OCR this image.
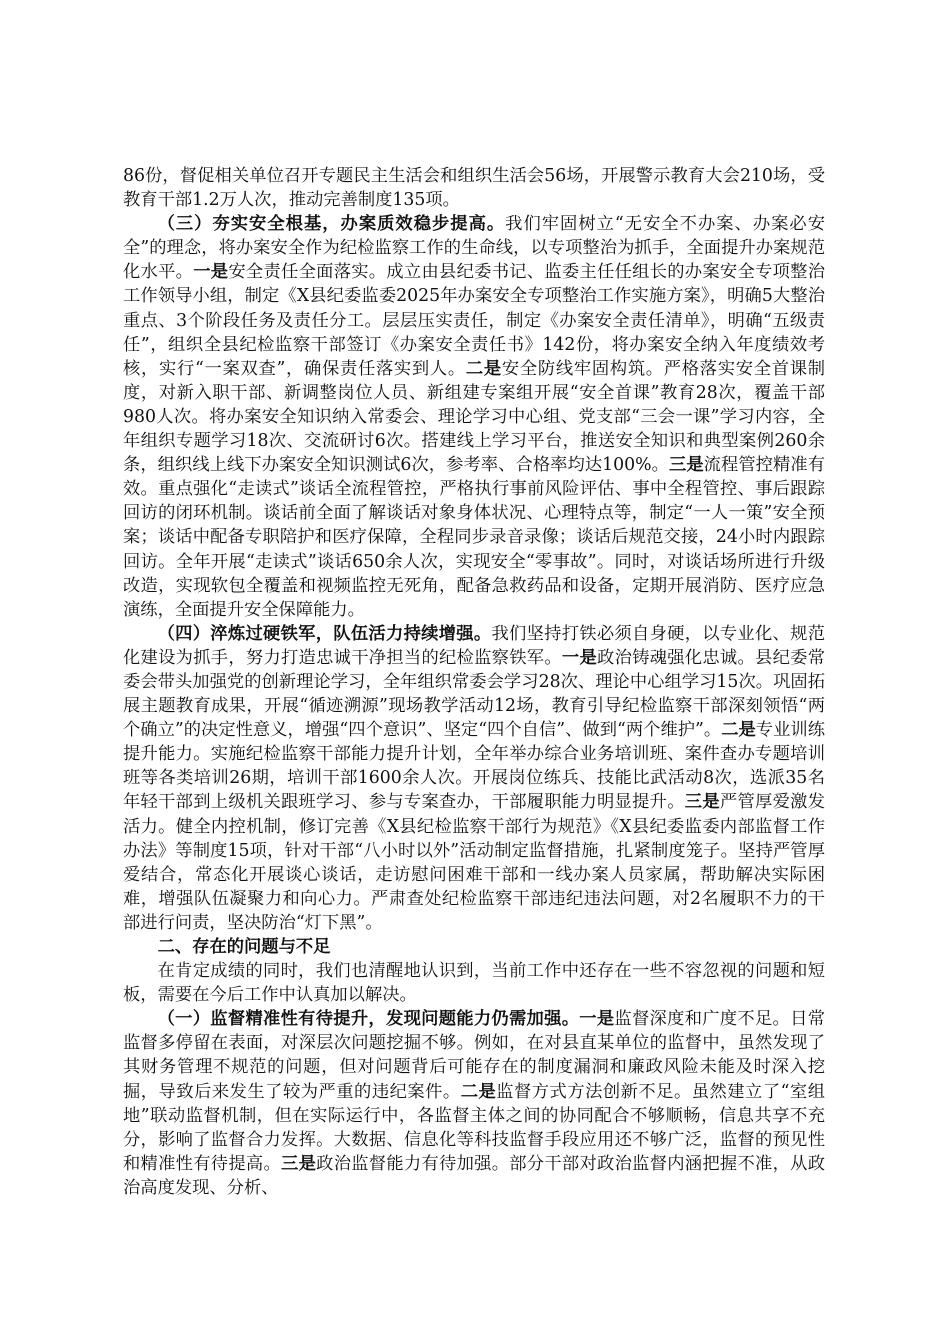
86份，督促相关单位召开专题民主生活会和组织生活会56场，开展警示教育大会210场，受教育干部1.2万人次，推动完善制度135项。

（三）夯实安全根基，办案质效稳步提高。我们牢固树立“无安全不办案、办案必安全”的理念，将办案安全作为纪检监察工作的生命线，以专项整治为抓手，全面提升办案规范化水平。一是安全责任全面落实。成立由县纪委书记、监委主任任组长的办案安全专项整治工作领导小组，制定《X县纪委监委2025年办案安全专项整治工作实施方案》，明确5大整治重点、3个阶段任务及责任分工。层层压实责任，制定《办案安全责任清单》，明确“五级责任”，组织全县纪检监察干部签订《办案安全责任书》142份，将办案安全纳入年度绩效考核，实行“一案双查”，确保责任落实到人。二是安全防线牢固构筑。严格落实安全首课制度，对新入职干部、新调整岗位人员、新组建专案组开展“安全首课”教育28次，覆盖干部980人次。将办案安全知识纳入常委会、理论学习中心组、党支部“三会一课”学习内容，全年组织专题学习18次、交流研讨6次。搭建线上学习平台，推送安全知识和典型案例260余条，组织线上线下办案安全知识测试6次，参考率、合格率均达100%。三是流程管控精准有效。重点强化“走读式”谈话全流程管控，严格执行事前风险评估、事中全程管控、事后跟踪回访的闭环机制。谈话前全面了解谈话对象身体状况、心理特点等，制定“一人一策”安全预案；谈话中配备专职陪护和医疗保障，全程同步录音录像；谈话后规范交接，24小时内跟踪回访。全年开展“走读式”谈话650余人次，实现安全“零事故”。同时，对谈话场所进行升级改造，实现软包全覆盖和视频监控无死角，配备急救药品和设备，定期开展消防、医疗应急演练，全面提升安全保障能力。

（四）淬炼过硬铁军，队伍活力持续增强。我们坚持打铁必须自身硬，以专业化、规范化建设为抓手，努力打造忠诚干净担当的纪检监察铁军。一是政治铸魂强化忠诚。县纪委常委会带头加强党的创新理论学习，全年组织常委会学习28次、理论中心组学习15次。巩固拓展主题教育成果，开展“循迹溯源”现场教学活动12场，教育引导纪检监察干部深刻领悟“两个确立”的决定性意义，增强“四个意识”、坚定“四个自信”、做到“两个维护”。二是专业训练提升能力。实施纪检监察干部能力提升计划，全年举办综合业务培训班、案件查办专题培训班等各类培训26期，培训干部1600余人次。开展岗位练兵、技能比武活动8次，选派35名年轻干部到上级机关跟班学习、参与专案查办，干部履职能力明显提升。三是严管厚爱激发活力。健全内控机制，修订完善《X县纪检监察干部行为规范》《X县纪委监委内部监督工作办法》等制度15项，针对干部“八小时以外”活动制定监督措施，扎紧制度笼子。坚持严管厚爱结合，常态化开展谈心谈话，走访慰问困难干部和一线办案人员家属，帮助解决实际困难，增强队伍凝聚力和向心力。严肃查处纪检监察干部违纪违法问题，对2名履职不力的干部进行问责，坚决防治“灯下黑”。

二、存在的问题与不足

在肯定成绩的同时，我们也清醒地认识到，当前工作中还存在一些不容忽视的问题和短板，需要在今后工作中认真加以解决。

（一）监督精准性有待提升，发现问题能力仍需加强。一是监督深度和广度不足。日常监督多停留在表面，对深层次问题挖掘不够。例如，在对县直某单位的监督中，虽然发现了其财务管理不规范的问题，但对问题背后可能存在的制度漏洞和廉政风险未能及时深入挖掘，导致后来发生了较为严重的违纪案件。二是监督方式方法创新不足。虽然建立了“室组地”联动监督机制，但在实际运行中，各监督主体之间的协同配合不够顺畅，信息共享不充分，影响了监督合力发挥。大数据、信息化等科技监督手段应用还不够广泛，监督的预见性和精准性有待提高。三是政治监督能力有待加强。部分干部对政治监督内涵把握不准，从政治高度发现、分析、
